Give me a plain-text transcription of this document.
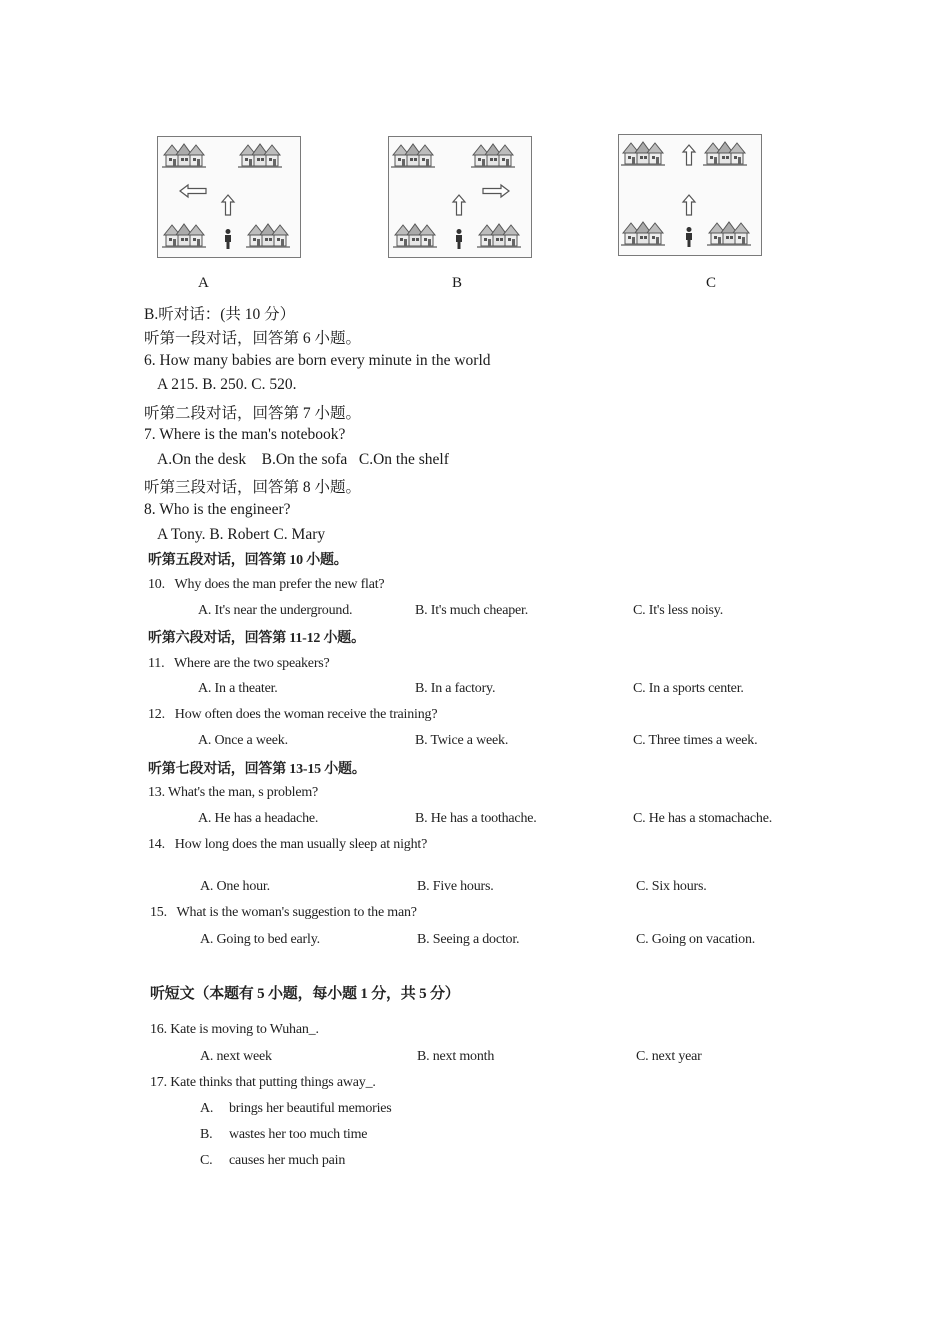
A	B	C
B.听对话：(共 10 分）
听第一段对话，回答第 6 小题。
6. How many babies are born every minute in the world
A 215. B. 250. C. 520.
听第二段对话，回答第 7 小题。
7. Where is the man's notebook?
A.On the desk    B.On the sofa   C.On the shelf
听第三段对话，回答第 8 小题。
8. Who is the engineer?
A Tony. B. Robert C. Mary
听第五段对话，回答第 10 小题。
10.   Why does the man prefer the new flat?
A. It's near the underground.	B. It's much cheaper.	C. It's less noisy.
听第六段对话，回答第 11-12 小题。
11.   Where are the two speakers?
A. In a theater.	B. In a factory.	C. In a sports center.
12.   How often does the woman receive the training?
A. Once a week.	B. Twice a week.	C. Three times a week.
听第七段对话，回答第 13-15 小题。
13. What's the man, s problem?
A. He has a headache.	B. He has a toothache.	C. He has a stomachache.
14.   How long does the man usually sleep at night?
A. One hour.	B. Five hours.	C. Six hours.
15.   What is the woman's suggestion to the man?
A. Going to bed early.	B. Seeing a doctor.	C. Going on vacation.
听短文（本题有 5 小题，每小题 1 分，共 5 分）
16. Kate is moving to Wuhan_.
A. next week	B. next month	C. next year
17. Kate thinks that putting things away_.
A. brings her beautiful memories
B. wastes her too much time
C. causes her much pain
